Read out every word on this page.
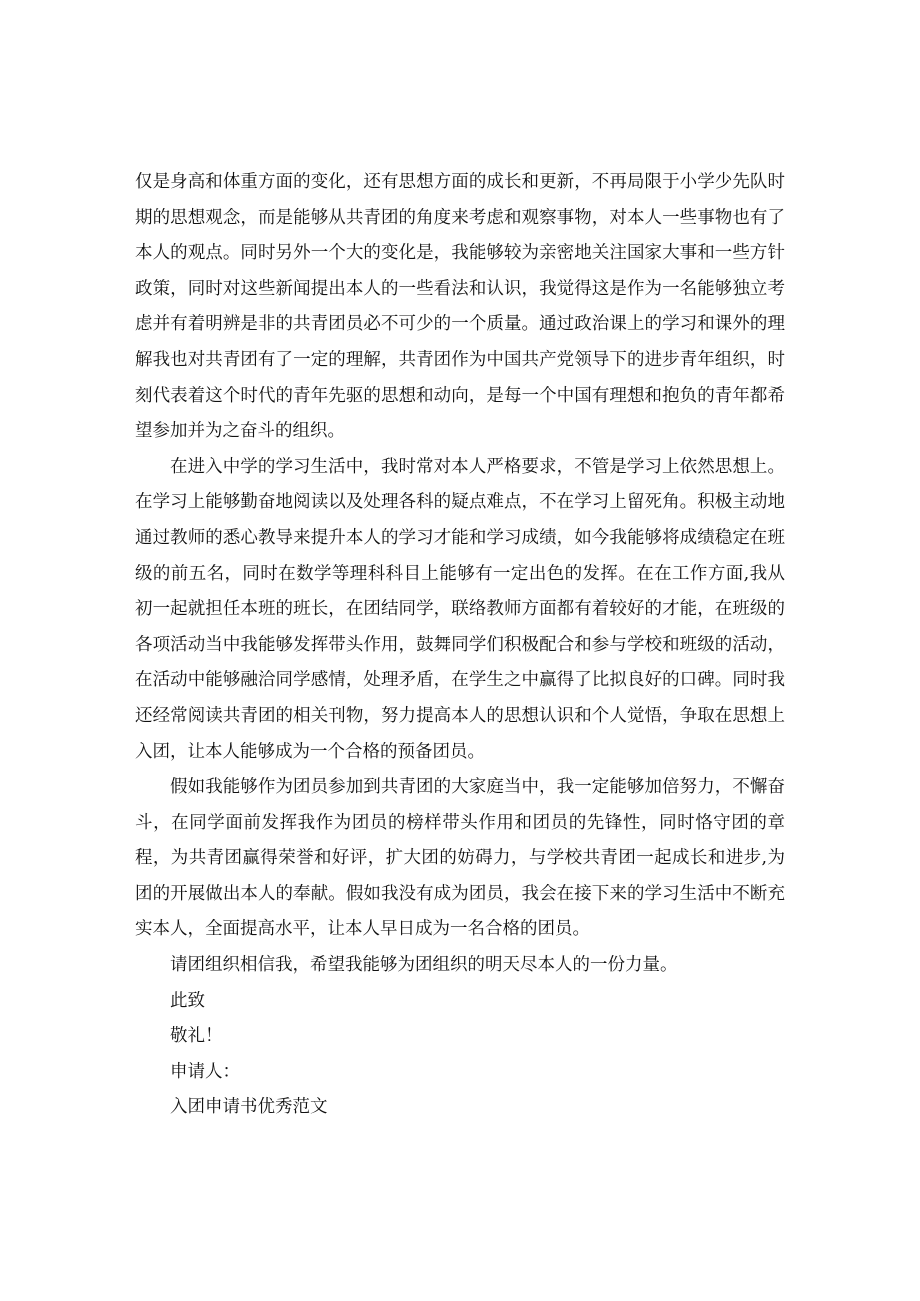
仅是身高和体重方面的变化，还有思想方面的成长和更新，不再局限于小学少先队时期的思想观念，而是能够从共青团的角度来考虑和观察事物，对本人一些事物也有了本人的观点。同时另外一个大的变化是，我能够较为亲密地关注国家大事和一些方针政策，同时对这些新闻提出本人的一些看法和认识，我觉得这是作为一名能够独立考虑并有着明辨是非的共青团员必不可少的一个质量。通过政治课上的学习和课外的理解我也对共青团有了一定的理解，共青团作为中国共产党领导下的进步青年组织，时刻代表着这个时代的青年先驱的思想和动向，是每一个中国有理想和抱负的青年都希望参加并为之奋斗的组织。

在进入中学的学习生活中，我时常对本人严格要求，不管是学习上依然思想上。在学习上能够勤奋地阅读以及处理各科的疑点难点，不在学习上留死角。积极主动地通过教师的悉心教导来提升本人的学习才能和学习成绩，如今我能够将成绩稳定在班级的前五名，同时在数学等理科科目上能够有一定出色的发挥。在在工作方面,我从初一起就担任本班的班长，在团结同学，联络教师方面都有着较好的才能，在班级的各项活动当中我能够发挥带头作用，鼓舞同学们积极配合和参与学校和班级的活动，在活动中能够融洽同学感情，处理矛盾，在学生之中赢得了比拟良好的口碑。同时我还经常阅读共青团的相关刊物，努力提高本人的思想认识和个人觉悟，争取在思想上入团，让本人能够成为一个合格的预备团员。

假如我能够作为团员参加到共青团的大家庭当中，我一定能够加倍努力，不懈奋斗，在同学面前发挥我作为团员的榜样带头作用和团员的先锋性，同时恪守团的章程，为共青团赢得荣誉和好评，扩大团的妨碍力，与学校共青团一起成长和进步,为团的开展做出本人的奉献。假如我没有成为团员，我会在接下来的学习生活中不断充实本人，全面提高水平，让本人早日成为一名合格的团员。

请团组织相信我，希望我能够为团组织的明天尽本人的一份力量。

此致

敬礼！

申请人：

入团申请书优秀范文
